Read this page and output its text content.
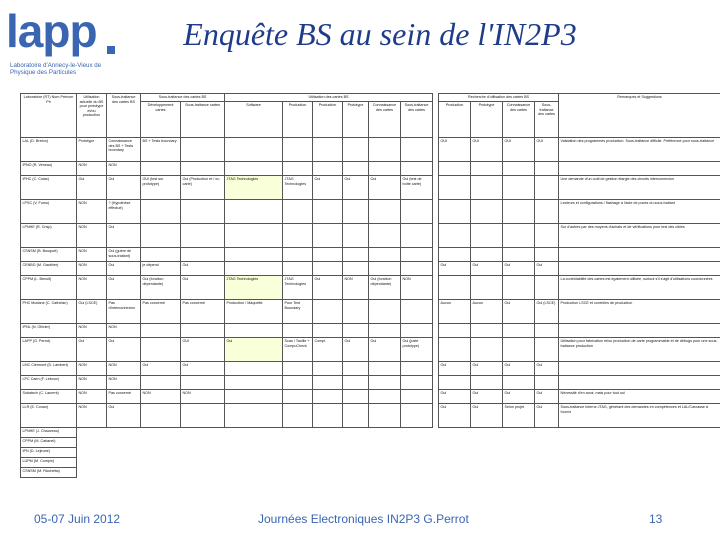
lapp
Laboratoire d'Annecy-le-Vieux de Physique des Particules
Enquête BS au sein de l'IN2P3
Laboratoire (RT) Nom Prénom Ph	Utilisation actuelle du BS pour prototype et/ou production	Sous-traitance des cartes BS	Sous-traitance des cartes BS		Utilisation des cartes BS							Recherche d'utilisation des cartes BS				Remarques et Suggestions
			Développement cartes	Sous-traitance cartes	Software	Production	Production	Prototype	Connaissance des cartes	Sous-traitance des cartes		Production	Prototype	Connaissance des cartes	Sous-traitance des cartes	
LAL (D. Breton)	Prototype	Connaissance des BS + Tests boundary	BS + Tests boundary									OUI	OUI	OUI	OUI	Validation des programmes production. Sous-traitance difficile. Préférence pour sous-traitance
IPNO (R. Veneau)	NON	NON														
IPHC (C. Colas)	Oui	Oui	OUI (test sur prototype)	Oui (Production et / ou carte)	JTAG Technologies	JTAG Technologies	Oui	Oui	Oui	Oui (test de boîte carte)						Une demande d'un outil de gestion élargie des circuits interconnexion
LPSC (V. Fumo)	NON	? (Hypothèse effectué)														Lecteurs et configurations / flashage à l'aide de puces du sous-traitant
LPNHE (R. Crisp)	NON	Oui														Sur d'autres par des moyens d'achats et de vérifications pour test des cibles
CSNSM (B. Bouquet)	NON	Oui (guère de sous-traitant)														
CENBG (M. Gauthier)	NON	Oui	je dépend	Oui								Oui	Oui	Oui	Oui	
CPPM (L. Benoit)	NON	Oui	Oui (fonction dépendante)	Oui	JTAG Technologies	JTAG Technologies	Oui	NON	Oui (fonction dépendante)	NON						La contrôlabilité des cartes est également utilisée, surtout s'il s'agit d'utilisations coordonnées
PHC Modane (C. Cathelan)	Oui (LSCE)	Pas d'interconnexion	Pas concerné	Pas concerné	Production / Maquette	Pour Test Boundary						Aucun	Aucun	Oui	Oui (LSCE)	Production LSCE et contrôles de production
IPNL (N. Ollivier)	NON	NON														
LAPP (G. Perrot)	Oui	Oui		OUI	Oui	Scan / Tactile + CompuCheck	Compl.	Oui	Oui	Oui (juste prototype)						Utilisation pour fabrication et/ou production de carte programmable et de débugs pour une sous-traitance production
LMC Clermont (D. Lambert)	NON	NON	Oui	Oui								Oui	Oui	Oui	Oui	
LPC Caen (F. Leboux)	NON	NON														
Subatech (C. Laurent)	NON	Pas concerné	NON	NON								Oui	Oui	Oui	Oui	Nécessité d'en avoir, mais pour tout oui
LLR (E. Conan)	NON	Oui										Oui	Oui	Selon projet	Oui	Sous-traitance interne JTAG, générant des demandes en compétences et LAL/Carcasse à fournir
LPNHE (J. Chauveau)																
CPPM (M. Cabanel)																
IPN (D. Lejeune)																
LUPM (M. Compin)																
CSNSM (M. Ricchetta)																
05-07 Juin 2012	Journées Electroniques IN2P3 G.Perrot	13
